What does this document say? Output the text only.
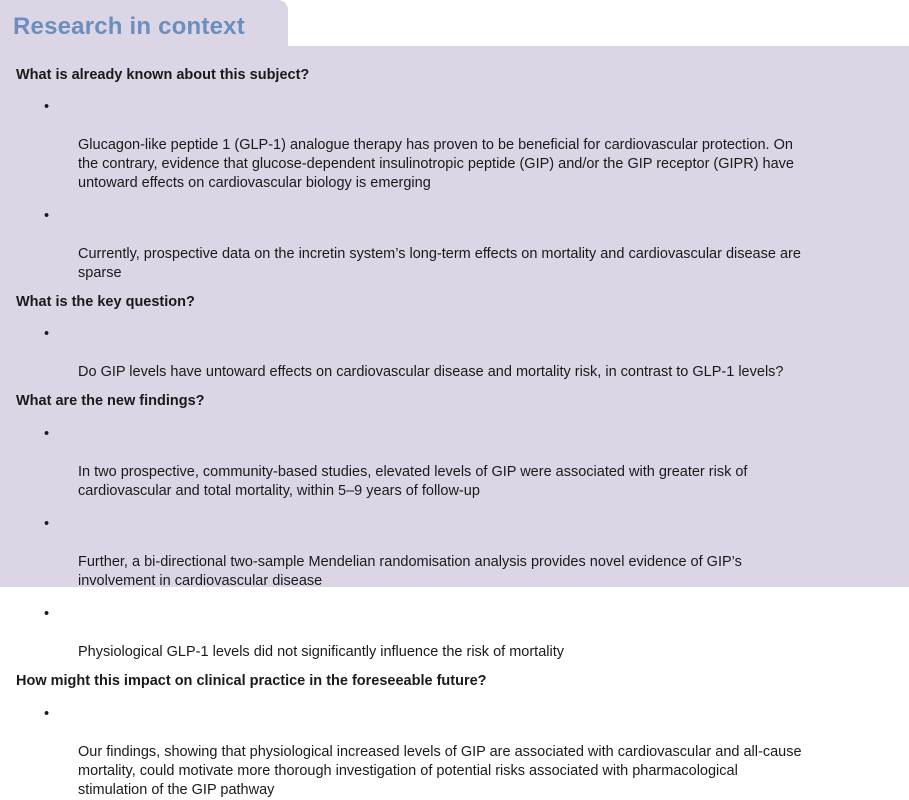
Research in context
What is already known about this subject?

•

Glucagon-like peptide 1 (GLP-1) analogue therapy has proven to be beneficial for cardiovascular protection. On
the contrary, evidence that glucose-dependent insulinotropic peptide (GIP) and/or the GIP receptor (GIPR) have
untoward effects on cardiovascular biology is emerging

•

Currently, prospective data on the incretin system’s long-term effects on mortality and cardiovascular disease are
sparse

What is the key question?

•

Do GIP levels have untoward effects on cardiovascular disease and mortality risk, in contrast to GLP-1 levels?

What are the new findings?

•

In two prospective, community-based studies, elevated levels of GIP were associated with greater risk of
cardiovascular and total mortality, within 5–9 years of follow-up

•

Further, a bi-directional two-sample Mendelian randomisation analysis provides novel evidence of GIP’s
involvement in cardiovascular disease

•

Physiological GLP-1 levels did not significantly influence the risk of mortality

How might this impact on clinical practice in the foreseeable future?

•

Our findings, showing that physiological increased levels of GIP are associated with cardiovascular and all-cause
mortality, could motivate more thorough investigation of potential risks associated with pharmacological
stimulation of the GIP pathway
